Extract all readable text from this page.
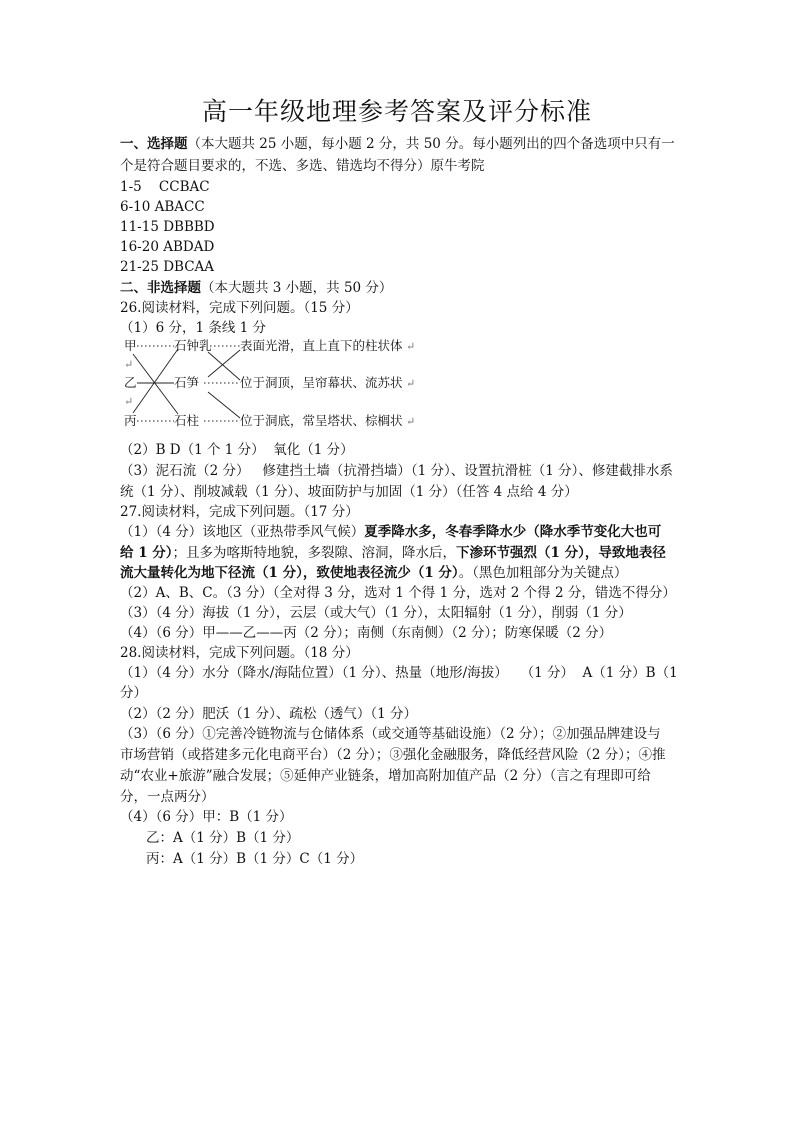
高一年级地理参考答案及评分标准
一、选择题（本大题共 25 小题，每小题 2 分，共 50 分。每小题列出的四个备选项中只有一
个是符合题目要求的，不选、多选、错选均不得分）原牛考院
1-5    CCBAC
6-10 ABACC
11-15 DBBBD
16-20 ABDAD
21-25 DBCAA
二、非选择题（本大题共 3 小题，共 50 分）
26.阅读材料，完成下列问题。（15 分）
（1）6 分，1 条线 1 分
甲
乙
丙
石钟乳
石笋
石柱
表面光滑，直上直下的柱状体
位于洞顶，呈帘幕状、流苏状
位于洞底，常呈塔状、棕榈状
↵
↵
↵
↵
↵
（2）B D（1 个 1 分）  氧化（1 分）
（3）泥石流（2 分）   修建挡土墙（抗滑挡墙）（1 分）、设置抗滑桩（1 分）、修建截排水系
统（1 分）、削坡减载（1 分）、坡面防护与加固（1 分）（任答 4 点给 4 分）
27.阅读材料，完成下列问题。（17 分）
（1）（4 分）该地区（亚热带季风气候）夏季降水多，冬春季降水少（降水季节变化大也可
给 1 分）；且多为喀斯特地貌，多裂隙、溶洞，降水后，下渗环节强烈（1 分），导致地表径
流大量转化为地下径流（1 分），致使地表径流少（1 分）。（黑色加粗部分为关键点）
（2）A、B、C。（3 分）（全对得 3 分，选对 1 个得 1 分，选对 2 个得 2 分，错选不得分）
（3）（4 分）海拔（1 分），云层（或大气）（1 分），太阳辐射（1 分），削弱（1 分）
（4）（6 分）甲——乙——丙（2 分）；南侧（东南侧）（2 分）；防寒保暖（2 分）
28.阅读材料，完成下列问题。（18 分）
（1）（4 分）水分（降水/海陆位置）（1 分）、热量（地形/海拔）   （1 分）  A（1 分）B（1
分）
（2）（2 分）肥沃（1 分）、疏松（透气）（1 分）
（3）（6 分）①完善冷链物流与仓储体系（或交通等基础设施）（2 分）；②加强品牌建设与
市场营销（或搭建多元化电商平台）（2 分）；③强化金融服务，降低经营风险（2 分）；④推
动“农业+旅游”融合发展；⑤延伸产业链条，增加高附加值产品（2 分）（言之有理即可给
分，一点两分）
（4）（6 分）甲：B（1 分）
乙：A（1 分）B（1 分）
丙：A（1 分）B（1 分）C（1 分）
